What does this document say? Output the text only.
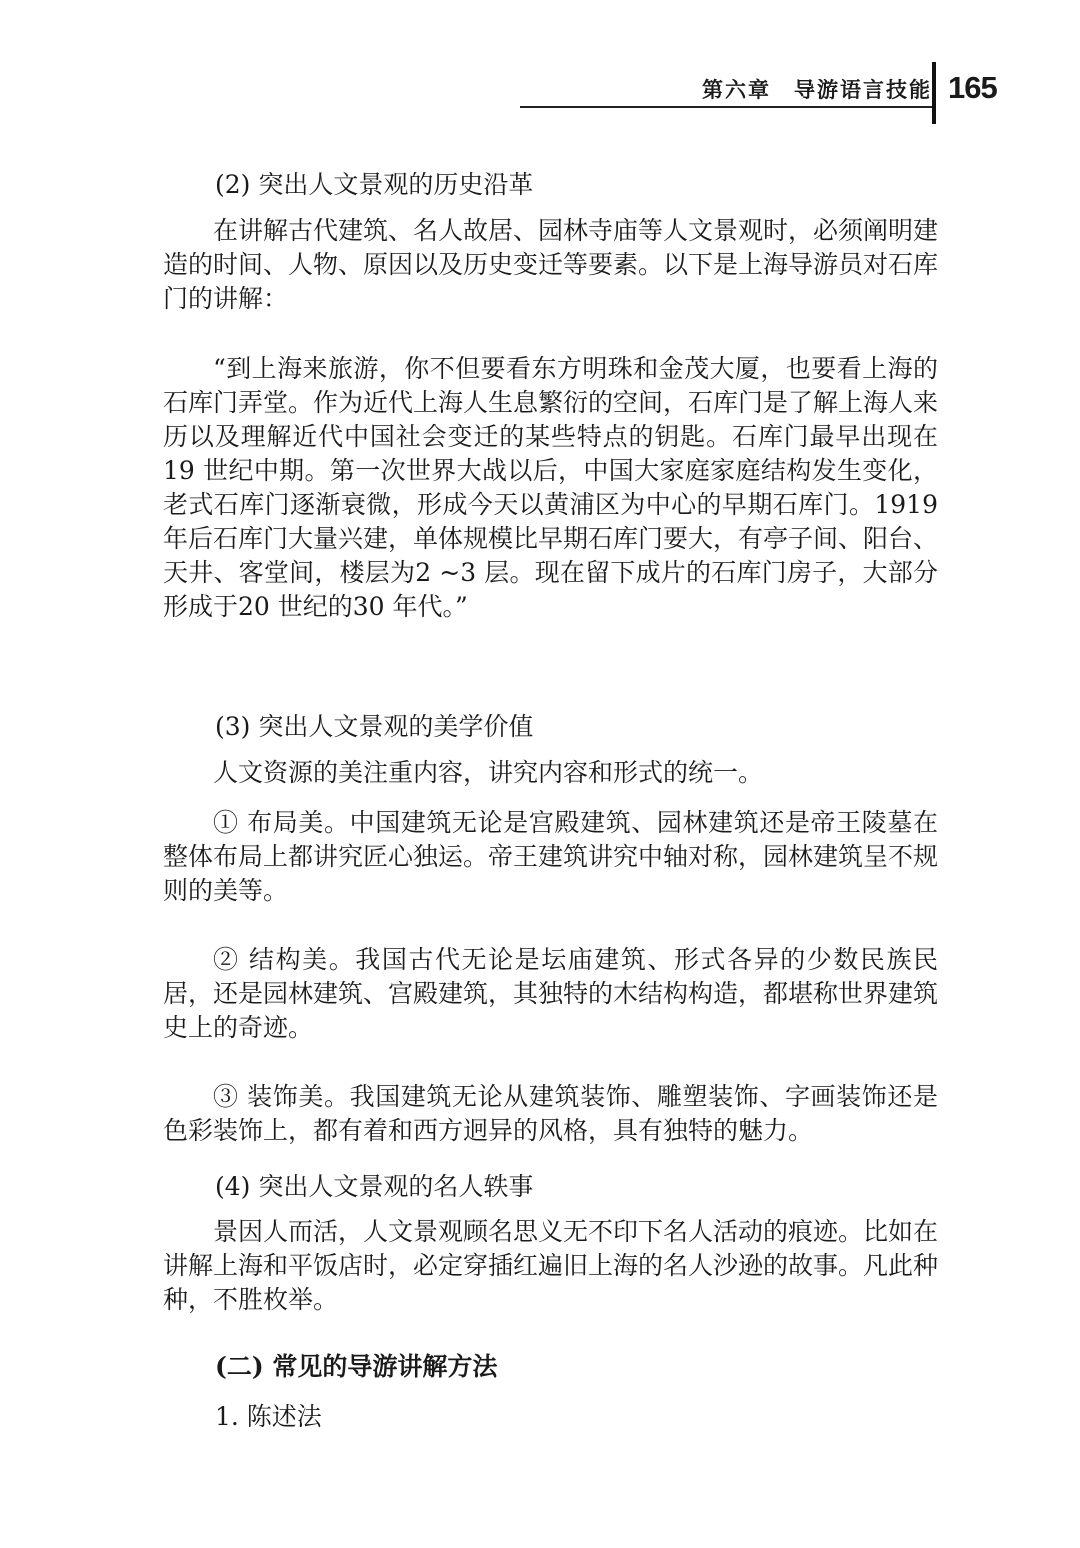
第六章　导游语言技能 165

(2) 突出人文景观的历史沿革

在讲解古代建筑、名人故居、园林寺庙等人文景观时，必须阐明建造的时间、人物、原因以及历史变迁等要素。以下是上海导游员对石库门的讲解：

“到上海来旅游，你不但要看东方明珠和金茂大厦，也要看上海的石库门弄堂。作为近代上海人生息繁衍的空间，石库门是了解上海人来历以及理解近代中国社会变迁的某些特点的钥匙。石库门最早出现在19 世纪中期。第一次世界大战以后，中国大家庭家庭结构发生变化，老式石库门逐渐衰微，形成今天以黄浦区为中心的早期石库门。1919 年后石库门大量兴建，单体规模比早期石库门要大，有亭子间、阳台、天井、客堂间，楼层为2 ~3 层。现在留下成片的石库门房子，大部分形成于20 世纪的30 年代。”

(3) 突出人文景观的美学价值

人文资源的美注重内容，讲究内容和形式的统一。

① 布局美。中国建筑无论是宫殿建筑、园林建筑还是帝王陵墓在整体布局上都讲究匠心独运。帝王建筑讲究中轴对称，园林建筑呈不规则的美等。

② 结构美。我国古代无论是坛庙建筑、形式各异的少数民族民居，还是园林建筑、宫殿建筑，其独特的木结构构造，都堪称世界建筑史上的奇迹。

③ 装饰美。我国建筑无论从建筑装饰、雕塑装饰、字画装饰还是色彩装饰上，都有着和西方迥异的风格，具有独特的魅力。

(4) 突出人文景观的名人轶事

景因人而活，人文景观顾名思义无不印下名人活动的痕迹。比如在讲解上海和平饭店时，必定穿插红遍旧上海的名人沙逊的故事。凡此种种，不胜枚举。

(二) 常见的导游讲解方法

1. 陈述法
